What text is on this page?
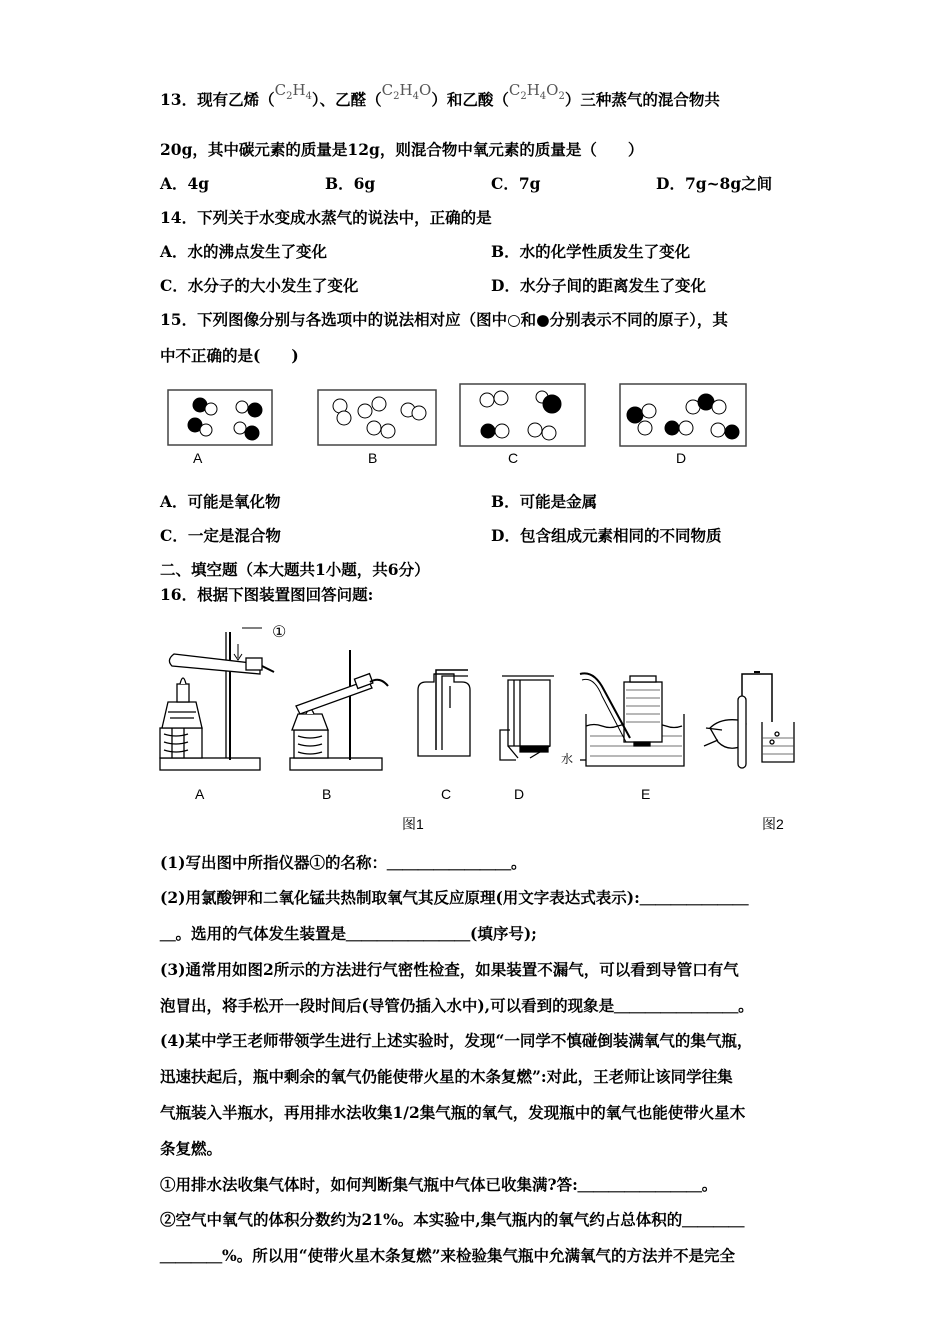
13．现有乙烯$(C_2H_4)$、乙醛$(C_2H_4O)$和乙酸$(C_2H_4O_2)$三种蒸气的混合物共
20g，其中碳元素的质量是12g，则混合物中氧元素的质量是（　　）
A．4g	B．6g	C．7g	D．7g~8g之间
14．下列关于水变成水蒸气的说法中，正确的是
A．水的沸点发生了变化	B．水的化学性质发生了变化
C．水分子的大小发生了变化	D．水分子间的距离发生了变化
15．下列图像分别与各选项中的说法相对应（图中○和●分别表示不同的原子），其
中不正确的是(　　)
A	B	C	D
A．可能是氧化物	B．可能是金属
C．一定是混合物	D．包含组成元素相同的不同物质
二、填空题（本大题共1小题，共6分）
16．根据下图装置图回答问题:
①
水
A	B	C	D	E
图1	图2
(1)写出图中所指仪器①的名称：＿＿＿＿＿＿＿＿。
(2)用氯酸钾和二氧化锰共热制取氧气其反应原理(用文字表达式表示):＿＿＿＿＿＿＿
＿。选用的气体发生装置是＿＿＿＿＿＿＿＿(填序号);
(3)通常用如图2所示的方法进行气密性检查，如果装置不漏气，可以看到导管口有气
泡冒出，将手松开一段时间后(导管仍插入水中),可以看到的现象是＿＿＿＿＿＿＿＿。
(4)某中学王老师带领学生进行上述实验时，发现“一同学不慎碰倒装满氧气的集气瓶，
迅速扶起后，瓶中剩余的氧气仍能使带火星的木条复燃”:对此，王老师让该同学往集
气瓶装入半瓶水，再用排水法收集1/2集气瓶的氧气，发现瓶中的氧气也能使带火星木
条复燃。
①用排水法收集气体时，如何判断集气瓶中气体已收集满?答:＿＿＿＿＿＿＿＿。
②空气中氧气的体积分数约为21%。本实验中,集气瓶内的氧气约占总体积的＿＿＿＿
＿＿＿＿%。所以用“使带火星木条复燃”来检验集气瓶中允满氧气的方法并不是完全
